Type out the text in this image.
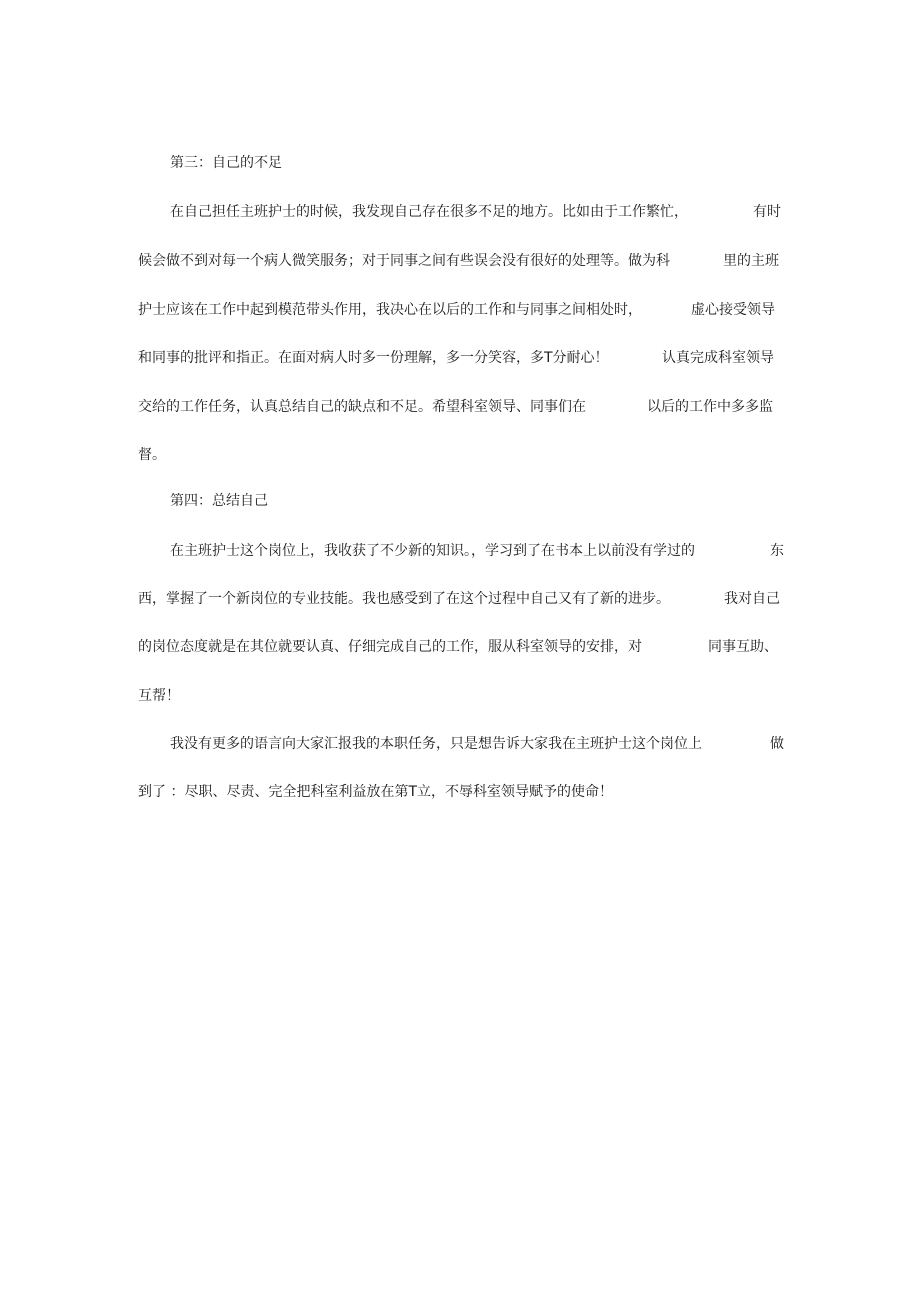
第三：自己的不足
在自己担任主班护士的时候，我发现自己存在很多不足的地方。比如由于工作繁忙，	有时
候会做不到对每一个病人微笑服务；对于同事之间有些误会没有很好的处理等。做为科	里的主班
护士应该在工作中起到模范带头作用，我决心在以后的工作和与同事之间相处时，	虚心接受领导
和同事的批评和指正。在面对病人时多一份理解，多一分笑容，多T分耐心！	认真完成科室领导
交给的工作任务，认真总结自己的缺点和不足。希望科室领导、同事们在	以后的工作中多多监
督。
第四：总结自己
在主班护士这个岗位上，我收获了不少新的知识。，学习到了在书本上以前没有学过的	东
西，掌握了一个新岗位的专业技能。我也感受到了在这个过程中自己又有了新的进步。	我对自己
的岗位态度就是在其位就要认真、仔细完成自己的工作，服从科室领导的安排，对	同事互助、
互帮！
我没有更多的语言向大家汇报我的本职任务，只是想告诉大家我在主班护士这个岗位上	做
到了 ：尽职、尽责、完全把科室利益放在第T立，不辱科室领导赋予的使命！
